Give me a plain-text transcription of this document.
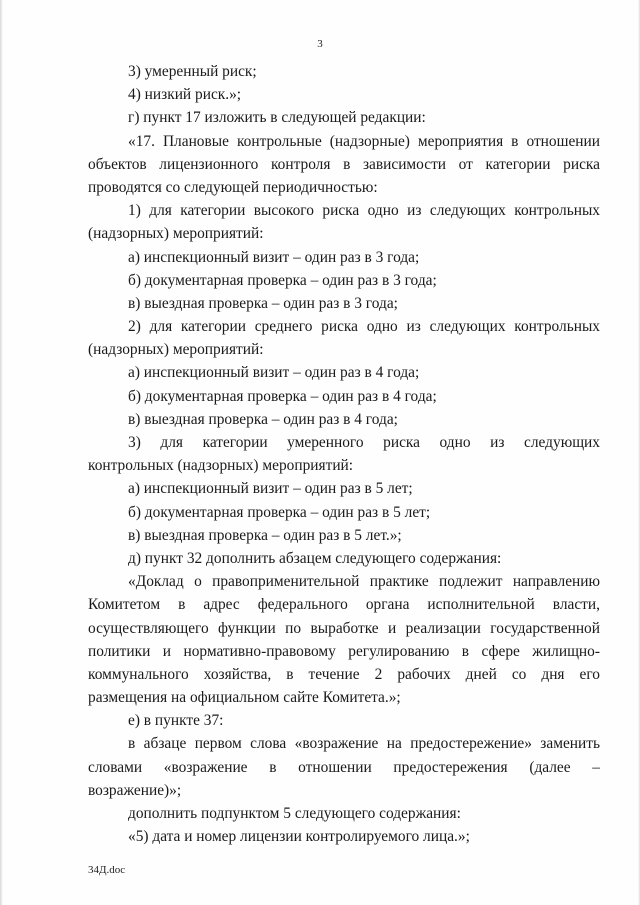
3
3) умеренный риск;
4) низкий риск.»;
г) пункт 17 изложить в следующей редакции:
«17. Плановые контрольные (надзорные) мероприятия в отношении
объектов лицензионного контроля в зависимости от категории риска
проводятся со следующей периодичностью:
1) для категории высокого риска одно из следующих контрольных
(надзорных) мероприятий:
а) инспекционный визит – один раз в 3 года;
б) документарная проверка – один раз в 3 года;
в) выездная проверка – один раз в 3 года;
2) для категории среднего риска одно из следующих контрольных
(надзорных) мероприятий:
а) инспекционный визит – один раз в 4 года;
б) документарная проверка – один раз в 4 года;
в) выездная проверка – один раз в 4 года;
3) для категории умеренного риска одно из следующих
контрольных (надзорных) мероприятий:
а) инспекционный визит – один раз в 5 лет;
б) документарная проверка – один раз в 5 лет;
в) выездная проверка – один раз в 5 лет.»;
д) пункт 32 дополнить абзацем следующего содержания:
«Доклад о правоприменительной практике подлежит направлению
Комитетом в адрес федерального органа исполнительной власти,
осуществляющего функции по выработке и реализации государственной
политики и нормативно-правовому регулированию в сфере жилищно-
коммунального хозяйства, в течение 2 рабочих дней со дня его
размещения на официальном сайте Комитета.»;
е) в пункте 37:
в абзаце первом слова «возражение на предостережение» заменить
словами «возражение в отношении предостережения (далее –
возражение)»;
дополнить подпунктом 5 следующего содержания:
«5) дата и номер лицензии контролируемого лица.»;
34Д.doc
